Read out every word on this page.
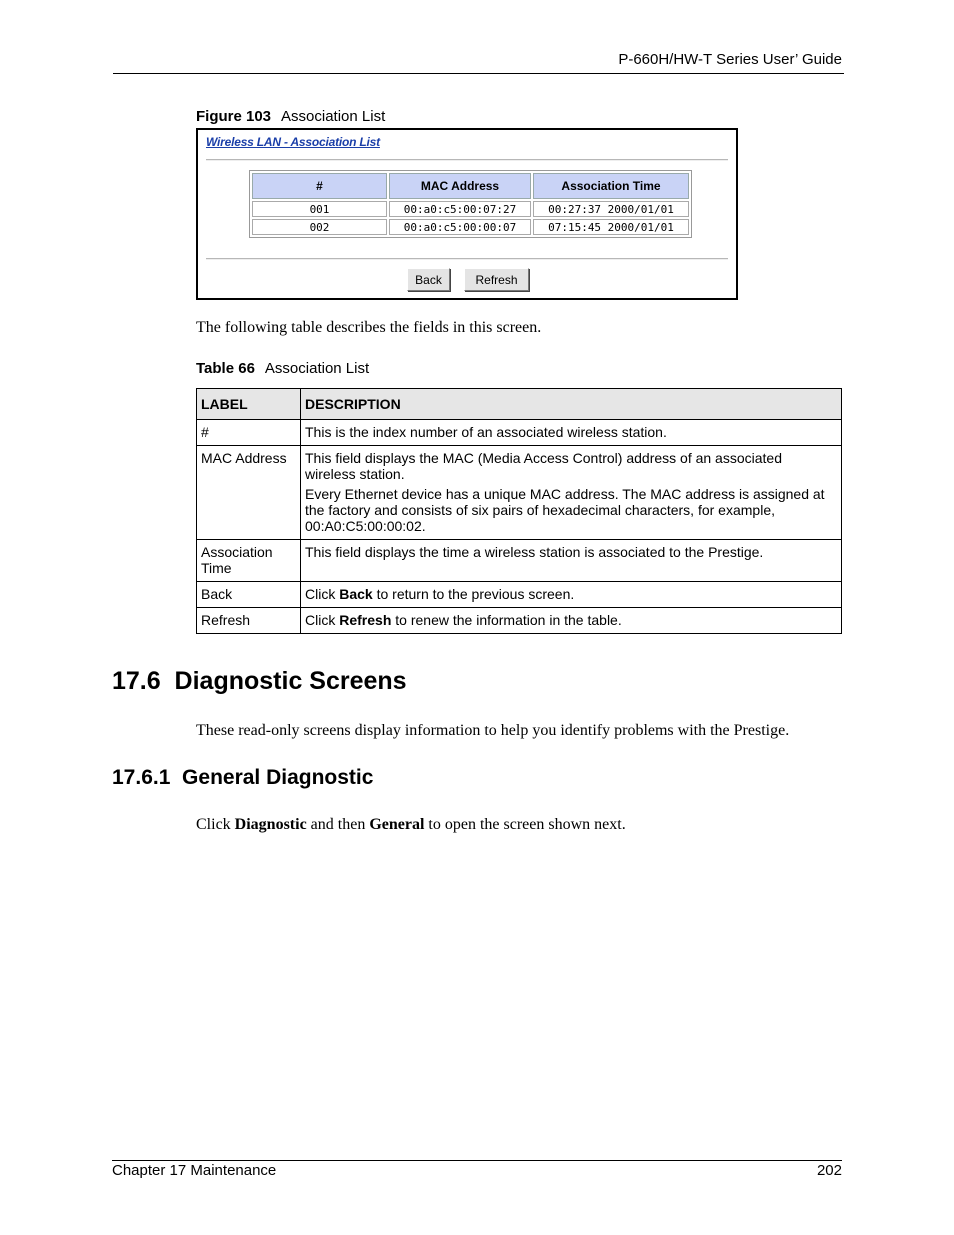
P-660H/HW-T Series User’ Guide
Figure 103 Association List
Wireless LAN - Association List
#	MAC Address	Association Time
001	00:a0:c5:00:07:27	00:27:37 2000/01/01
002	00:a0:c5:00:00:07	07:15:45 2000/01/01
Back	Refresh
The following table describes the fields in this screen.
Table 66 Association List
LABEL	DESCRIPTION
#	This is the index number of an associated wireless station.

MAC Address	This field displays the MAC (Media Access Control) address of an associated wireless station.

Every Ethernet device has a unique MAC address. The MAC address is assigned at the factory and consists of six pairs of hexadecimal characters, for example, 00:A0:C5:00:00:02.

Association Time	This field displays the time a wireless station is associated to the Prestige.

Back	Click Back to return to the previous screen.
Refresh	Click Refresh to renew the information in the table.
17.6  Diagnostic Screens
These read-only screens display information to help you identify problems with the Prestige.
17.6.1  General Diagnostic
Click Diagnostic and then General to open the screen shown next.
Chapter 17 Maintenance	202
